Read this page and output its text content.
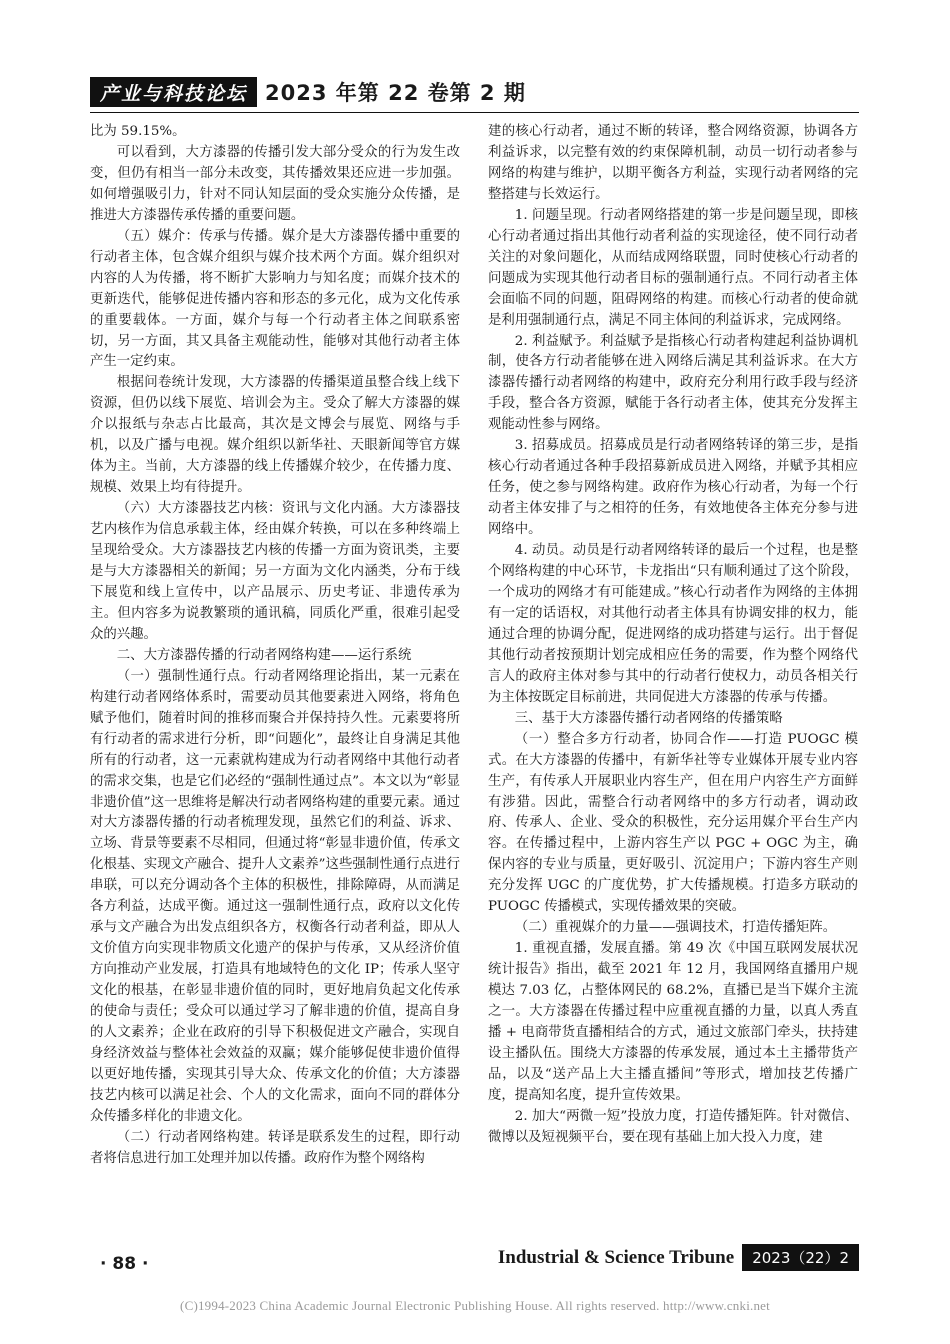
产业与科技论坛 2023 年第 22 卷第 2 期

比为 59.15%。

可以看到，大方漆器的传播引发大部分受众的行为发生改变，但仍有相当一部分未改变，其传播效果还应进一步加强。如何增强吸引力，针对不同认知层面的受众实施分众传播，是推进大方漆器传承传播的重要问题。

（五）媒介：传承与传播。媒介是大方漆器传播中重要的行动者主体，包含媒介组织与媒介技术两个方面。媒介组织对内容的人为传播，将不断扩大影响力与知名度；而媒介技术的更新迭代，能够促进传播内容和形态的多元化，成为文化传承的重要载体。一方面，媒介与每一个行动者主体之间联系密切，另一方面，其又具备主观能动性，能够对其他行动者主体产生一定约束。

根据问卷统计发现，大方漆器的传播渠道虽整合线上线下资源，但仍以线下展览、培训会为主。受众了解大方漆器的媒介以报纸与杂志占比最高，其次是文博会与展览、网络与手机，以及广播与电视。媒介组织以新华社、天眼新闻等官方媒体为主。当前，大方漆器的线上传播媒介较少，在传播力度、规模、效果上均有待提升。

（六）大方漆器技艺内核：资讯与文化内涵。大方漆器技艺内核作为信息承载主体，经由媒介转换，可以在多种终端上呈现给受众。大方漆器技艺内核的传播一方面为资讯类，主要是与大方漆器相关的新闻；另一方面为文化内涵类，分布于线下展览和线上宣传中，以产品展示、历史考证、非遗传承为主。但内容多为说教繁琐的通讯稿，同质化严重，很难引起受众的兴趣。

二、大方漆器传播的行动者网络构建——运行系统

（一）强制性通行点。行动者网络理论指出，某一元素在构建行动者网络体系时，需要动员其他要素进入网络，将角色赋予他们，随着时间的推移而聚合并保持持久性。元素要将所有行动者的需求进行分析，即“问题化”，最终让自身满足其他所有的行动者，这一元素就构建成为行动者网络中其他行动者的需求交集，也是它们必经的“强制性通过点”。本文以为“彰显非遗价值”这一思维将是解决行动者网络构建的重要元素。通过对大方漆器传播的行动者梳理发现，虽然它们的利益、诉求、立场、背景等要素不尽相同，但通过将“彰显非遗价值，传承文化根基、实现文产融合、提升人文素养”这些强制性通行点进行串联，可以充分调动各个主体的积极性，排除障碍，从而满足各方利益，达成平衡。通过这一强制性通行点，政府以文化传承与文产融合为出发点组织各方，权衡各行动者利益，即从人文价值方向实现非物质文化遗产的保护与传承，又从经济价值方向推动产业发展，打造具有地域特色的文化 IP；传承人坚守文化的根基，在彰显非遗价值的同时，更好地肩负起文化传承的使命与责任；受众可以通过学习了解非遗的价值，提高自身的人文素养；企业在政府的引导下积极促进文产融合，实现自身经济效益与整体社会效益的双赢；媒介能够促使非遗价值得以更好地传播，实现其引导大众、传承文化的价值；大方漆器技艺内核可以满足社会、个人的文化需求，面向不同的群体分众传播多样化的非遗文化。

（二）行动者网络构建。转译是联系发生的过程，即行动者将信息进行加工处理并加以传播。政府作为整个网络构

建的核心行动者，通过不断的转译，整合网络资源，协调各方利益诉求，以完整有效的约束保障机制，动员一切行动者参与网络的构建与维护，以期平衡各方利益，实现行动者网络的完整搭建与长效运行。

1. 问题呈现。行动者网络搭建的第一步是问题呈现，即核心行动者通过指出其他行动者利益的实现途径，使不同行动者关注的对象问题化，从而结成网络联盟，同时使核心行动者的问题成为实现其他行动者目标的强制通行点。不同行动者主体会面临不同的问题，阻碍网络的构建。而核心行动者的使命就是利用强制通行点，满足不同主体间的利益诉求，完成网络。

2. 利益赋予。利益赋予是指核心行动者构建起利益协调机制，使各方行动者能够在进入网络后满足其利益诉求。在大方漆器传播行动者网络的构建中，政府充分利用行政手段与经济手段，整合各方资源，赋能于各行动者主体，使其充分发挥主观能动性参与网络。

3. 招募成员。招募成员是行动者网络转译的第三步，是指核心行动者通过各种手段招募新成员进入网络，并赋予其相应任务，使之参与网络构建。政府作为核心行动者，为每一个行动者主体安排了与之相符的任务，有效地使各主体充分参与进网络中。

4. 动员。动员是行动者网络转译的最后一个过程，也是整个网络构建的中心环节，卡龙指出“只有顺利通过了这个阶段，一个成功的网络才有可能建成。”核心行动者作为网络的主体拥有一定的话语权，对其他行动者主体具有协调安排的权力，能通过合理的协调分配，促进网络的成功搭建与运行。出于督促其他行动者按预期计划完成相应任务的需要，作为整个网络代言人的政府主体对参与其中的行动者行使权力，动员各相关行为主体按既定目标前进，共同促进大方漆器的传承与传播。

三、基于大方漆器传播行动者网络的传播策略

（一）整合多方行动者，协同合作——打造 PUOGC 模式。在大方漆器的传播中，有新华社等专业媒体开展专业内容生产，有传承人开展职业内容生产，但在用户内容生产方面鲜有涉猎。因此，需整合行动者网络中的多方行动者，调动政府、传承人、企业、受众的积极性，充分运用媒介平台生产内容。在传播过程中，上游内容生产以 PGC + OGC 为主，确保内容的专业与质量，更好吸引、沉淀用户；下游内容生产则充分发挥 UGC 的广度优势，扩大传播规模。打造多方联动的 PUOGC 传播模式，实现传播效果的突破。

（二）重视媒介的力量——强调技术，打造传播矩阵。

1. 重视直播，发展直播。第 49 次《中国互联网发展状况统计报告》指出，截至 2021 年 12 月，我国网络直播用户规模达 7.03 亿，占整体网民的 68.2%，直播已是当下媒介主流之一。大方漆器在传播过程中应重视直播的力量，以真人秀直播 + 电商带货直播相结合的方式，通过文旅部门牵头，扶持建设主播队伍。围绕大方漆器的传承发展，通过本土主播带货产品，以及“送产品上大主播直播间”等形式，增加技艺传播广度，提高知名度，提升宣传效果。

2. 加大“两微一短”投放力度，打造传播矩阵。针对微信、微博以及短视频平台，要在现有基础上加大投入力度，建

· 88 ·	Industrial & Science Tribune	2023（22）2
(C)1994-2023 China Academic Journal Electronic Publishing House. All rights reserved. http://www.cnki.net
